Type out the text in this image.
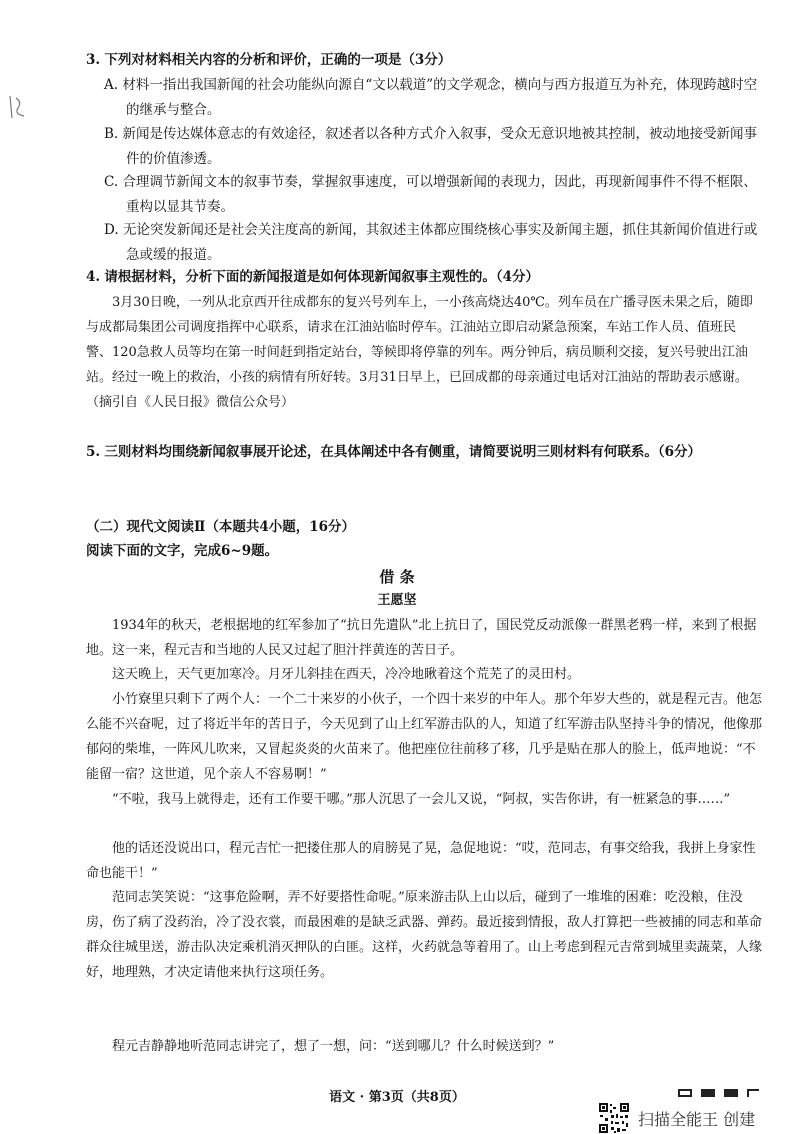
3. 下列对材料相关内容的分析和评价，正确的一项是（3分）
A. 材料一指出我国新闻的社会功能纵向源自“文以载道”的文学观念，横向与西方报道互为补充，体现跨越时空的继承与整合。
B. 新闻是传达媒体意志的有效途径，叙述者以各种方式介入叙事，受众无意识地被其控制，被动地接受新闻事件的价值渗透。
C. 合理调节新闻文本的叙事节奏，掌握叙事速度，可以增强新闻的表现力，因此，再现新闻事件不得不框限、重构以显其节奏。
D. 无论突发新闻还是社会关注度高的新闻，其叙述主体都应围绕核心事实及新闻主题，抓住其新闻价值进行或急或缓的报道。
4. 请根据材料，分析下面的新闻报道是如何体现新闻叙事主观性的。（4分）
3月30日晚，一列从北京西开往成都东的复兴号列车上，一小孩高烧达40℃。列车员在广播寻医未果之后，随即与成都局集团公司调度指挥中心联系，请求在江油站临时停车。江油站立即启动紧急预案，车站工作人员、值班民警、120急救人员等均在第一时间赶到指定站台，等候即将停靠的列车。两分钟后，病员顺利交接，复兴号驶出江油站。经过一晚上的救治，小孩的病情有所好转。3月31日早上，已回成都的母亲通过电话对江油站的帮助表示感谢。（摘引自《人民日报》微信公众号）
5. 三则材料均围绕新闻叙事展开论述，在具体阐述中各有侧重，请简要说明三则材料有何联系。（6分）
（二）现代文阅读Ⅱ（本题共4小题，16分）
阅读下面的文字，完成6~9题。
借 条
王愿坚
1934年的秋天，老根据地的红军参加了“抗日先遣队”北上抗日了，国民党反动派像一群黑老鸦一样，来到了根据地。这一来，程元吉和当地的人民又过起了胆汁拌黄连的苦日子。
这天晚上，天气更加寒冷。月牙儿斜挂在西天，冷冷地瞅着这个荒芜了的灵田村。
小竹寮里只剩下了两个人：一个二十来岁的小伙子，一个四十来岁的中年人。那个年岁大些的，就是程元吉。他怎么能不兴奋呢，过了将近半年的苦日子，今天见到了山上红军游击队的人，知道了红军游击队坚持斗争的情况，他像那郁闷的柴堆，一阵风儿吹来，又冒起炎炎的火苗来了。他把座位往前移了移，几乎是贴在那人的脸上，低声地说：“不能留一宿？这世道，见个亲人不容易啊！”
“不啦，我马上就得走，还有工作要干哪。”那人沉思了一会儿又说，“阿叔，实告你讲，有一桩紧急的事……”
他的话还没说出口，程元吉忙一把搂住那人的肩膀晃了晃，急促地说：“哎，范同志，有事交给我，我拼上身家性命也能干！”
范同志笑笑说：“这事危险啊，弄不好要搭性命呢。”原来游击队上山以后，碰到了一堆堆的困难：吃没粮，住没房，伤了病了没药治，冷了没衣裳，而最困难的是缺乏武器、弹药。最近接到情报，敌人打算把一些被捕的同志和革命群众往城里送，游击队决定乘机消灭押队的白匪。这样，火药就急等着用了。山上考虑到程元吉常到城里卖蔬菜，人缘好，地理熟，才决定请他来执行这项任务。
程元吉静静地听范同志讲完了，想了一想，问：“送到哪儿？什么时候送到？”
语文 · 第3页（共8页）
扫描全能王 创建
